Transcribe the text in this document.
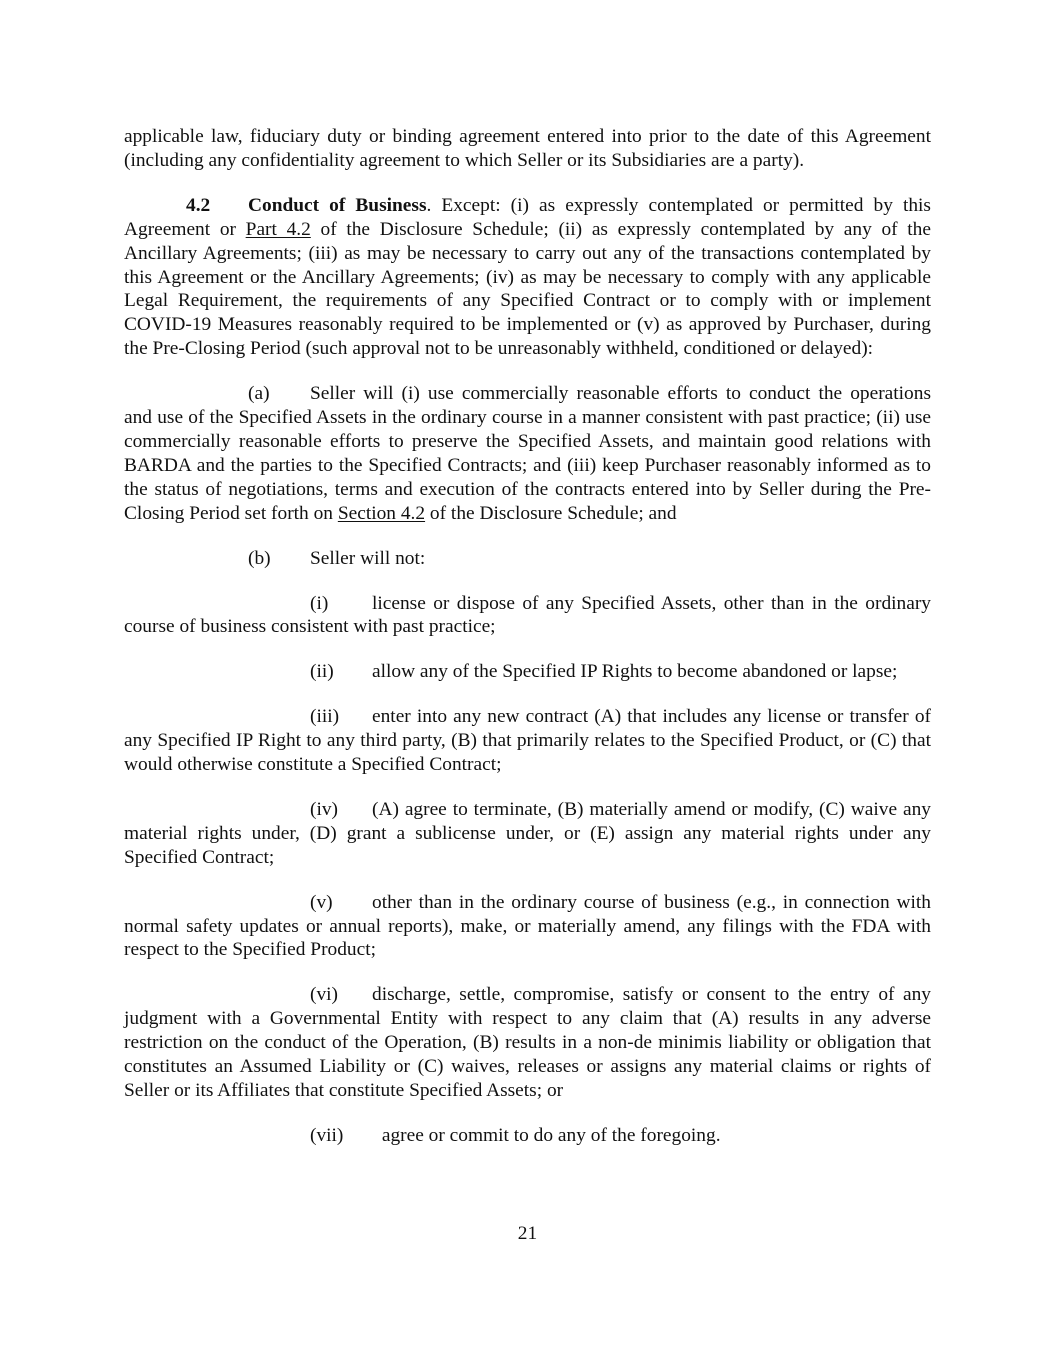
applicable law, fiduciary duty or binding agreement entered into prior to the date of this Agreement (including any confidentiality agreement to which Seller or its Subsidiaries are a party).

4.2 Conduct of Business. Except: (i) as expressly contemplated or permitted by this Agreement or Part 4.2 of the Disclosure Schedule; (ii) as expressly contemplated by any of the Ancillary Agreements; (iii) as may be necessary to carry out any of the transactions contemplated by this Agreement or the Ancillary Agreements; (iv) as may be necessary to comply with any applicable Legal Requirement, the requirements of any Specified Contract or to comply with or implement COVID-19 Measures reasonably required to be implemented or (v) as approved by Purchaser, during the Pre-Closing Period (such approval not to be unreasonably withheld, conditioned or delayed):

(a) Seller will (i) use commercially reasonable efforts to conduct the operations and use of the Specified Assets in the ordinary course in a manner consistent with past practice; (ii) use commercially reasonable efforts to preserve the Specified Assets, and maintain good relations with BARDA and the parties to the Specified Contracts; and (iii) keep Purchaser reasonably informed as to the status of negotiations, terms and execution of the contracts entered into by Seller during the Pre-Closing Period set forth on Section 4.2 of the Disclosure Schedule; and

(b) Seller will not:

(i) license or dispose of any Specified Assets, other than in the ordinary course of business consistent with past practice;

(ii) allow any of the Specified IP Rights to become abandoned or lapse;

(iii) enter into any new contract (A) that includes any license or transfer of any Specified IP Right to any third party, (B) that primarily relates to the Specified Product, or (C) that would otherwise constitute a Specified Contract;

(iv) (A) agree to terminate, (B) materially amend or modify, (C) waive any material rights under, (D) grant a sublicense under, or (E) assign any material rights under any Specified Contract;

(v) other than in the ordinary course of business (e.g., in connection with normal safety updates or annual reports), make, or materially amend, any filings with the FDA with respect to the Specified Product;

(vi) discharge, settle, compromise, satisfy or consent to the entry of any judgment with a Governmental Entity with respect to any claim that (A) results in any adverse restriction on the conduct of the Operation, (B) results in a non-de minimis liability or obligation that constitutes an Assumed Liability or (C) waives, releases or assigns any material claims or rights of Seller or its Affiliates that constitute Specified Assets; or

(vii) agree or commit to do any of the foregoing.

21
